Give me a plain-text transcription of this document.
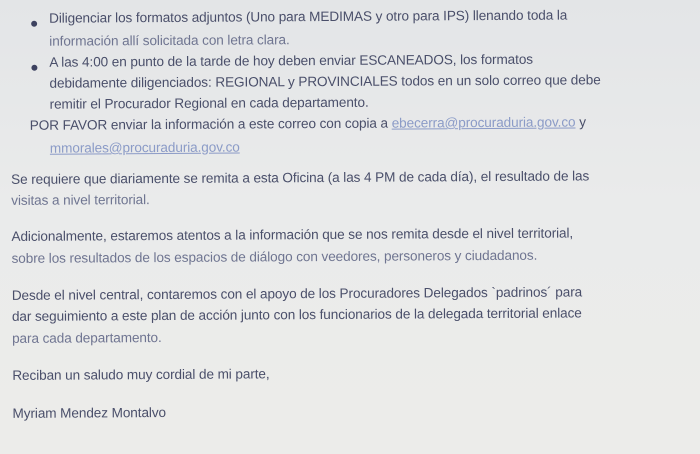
Diligenciar los formatos adjuntos (Uno para MEDIMAS y otro para IPS) llenando toda la
información allí solicitada con letra clara.
A las 4:00 en punto de la tarde de hoy deben enviar ESCANEADOS, los formatos
debidamente diligenciados: REGIONAL y PROVINCIALES todos en un solo correo que debe
remitir el Procurador Regional en cada departamento.
POR FAVOR enviar la información a este correo con copia a ebecerra@procuraduria.gov.co y
mmorales@procuraduria.gov.co
Se requiere que diariamente se remita a esta Oficina (a las 4 PM de cada día), el resultado de las
visitas a nivel territorial.
Adicionalmente, estaremos atentos a la información que se nos remita desde el nivel territorial,
sobre los resultados de los espacios de diálogo con veedores, personeros y ciudadanos.
Desde el nivel central, contaremos con el apoyo de los Procuradores Delegados `padrinos´ para
dar seguimiento a este plan de acción junto con los funcionarios de la delegada territorial enlace
para cada departamento.
Reciban un saludo muy cordial de mi parte,
Myriam Mendez Montalvo
